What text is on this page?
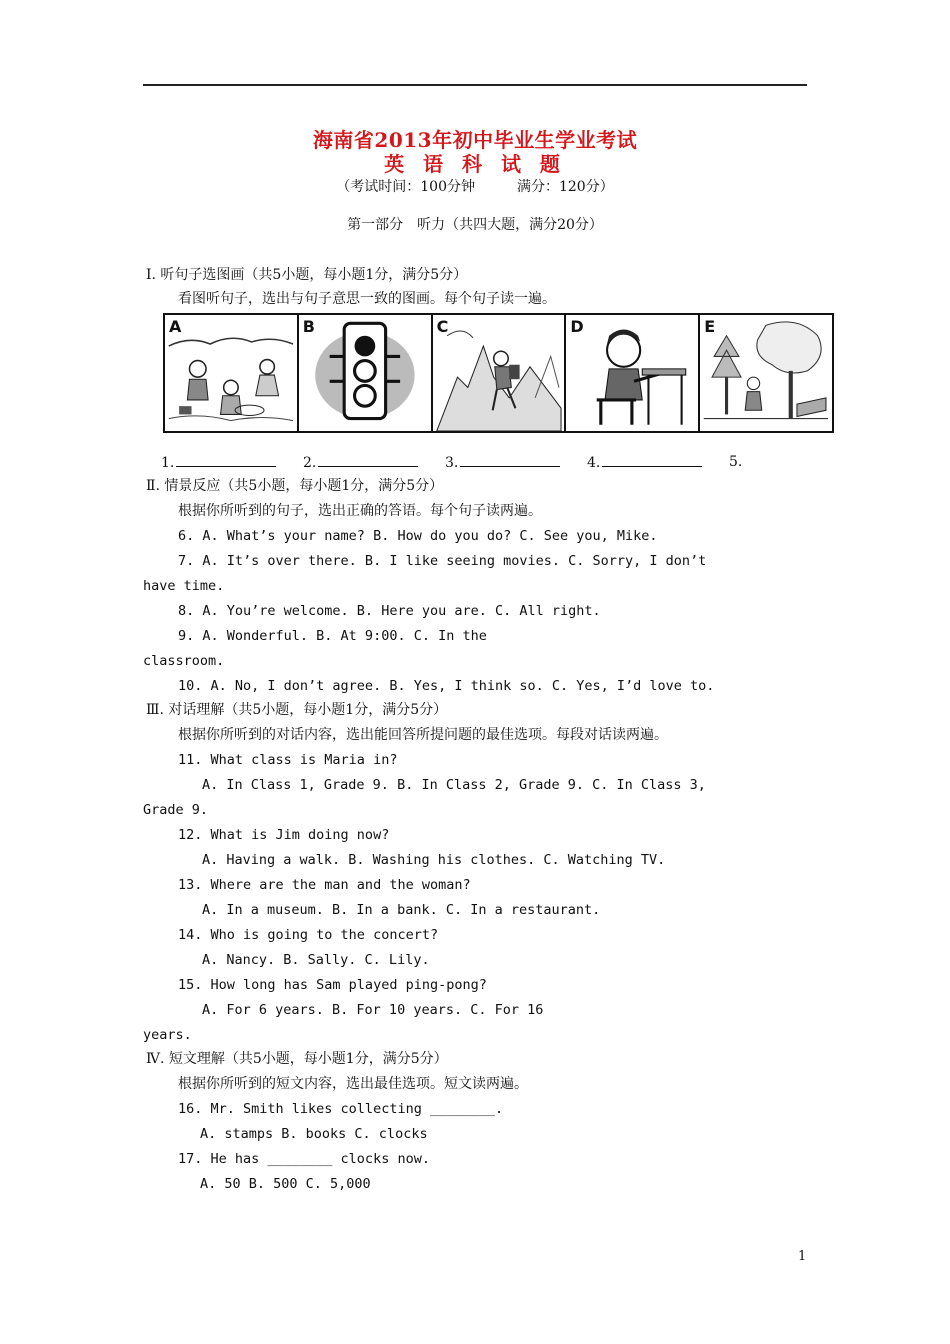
海南省2013年初中毕业生学业考试
英 语 科 试 题
（考试时间：100分钟　　　满分：120分）
第一部分　听力（共四大题，满分20分）
Ⅰ. 听句子选图画（共5小题，每小题1分，满分5分）
看图听句子，选出与句子意思一致的图画。每个句子读一遍。
A	B	C	D	E
1.	2.	3.	4.	5.
Ⅱ. 情景反应（共5小题，每小题1分，满分5分）
根据你所听到的句子，选出正确的答语。每个句子读两遍。
6. A. What’s your name? B. How do you do? C. See you, Mike.
7. A. It’s over there. B. I like seeing movies. C. Sorry, I don’t
have time.
8. A. You’re welcome. B. Here you are. C. All right.
9. A. Wonderful. B. At 9:00. C. In the
classroom.
10. A. No, I don’t agree. B. Yes, I think so. C. Yes, I’d love to.
Ⅲ. 对话理解（共5小题，每小题1分，满分5分）
根据你所听到的对话内容，选出能回答所提问题的最佳选项。每段对话读两遍。
11. What class is Maria in?
A. In Class 1, Grade 9. B. In Class 2, Grade 9. C. In Class 3,
Grade 9.
12. What is Jim doing now?
A. Having a walk. B. Washing his clothes. C. Watching TV.
13. Where are the man and the woman?
A. In a museum. B. In a bank. C. In a restaurant.
14. Who is going to the concert?
A. Nancy. B. Sally. C. Lily.
15. How long has Sam played ping-pong?
A. For 6 years. B. For 10 years. C. For 16
years.
Ⅳ. 短文理解（共5小题，每小题1分，满分5分）
根据你所听到的短文内容，选出最佳选项。短文读两遍。
16. Mr. Smith likes collecting ________.
A. stamps B. books C. clocks
17. He has ________ clocks now.
A. 50 B. 500 C. 5,000
1
